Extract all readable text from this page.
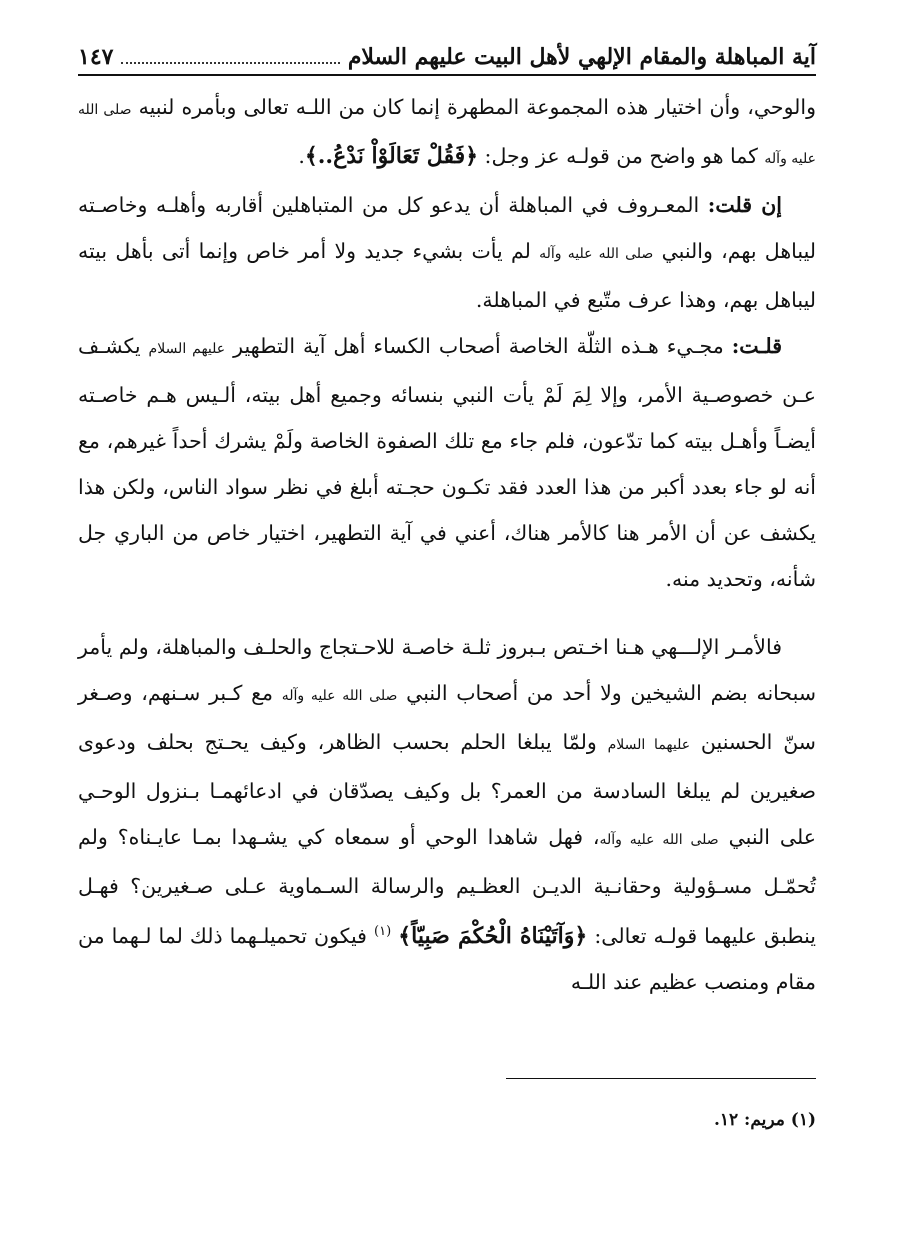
آية المباهلة والمقام الإلهي لأهل البيت عليهم السلام
١٤٧

والوحي، وأن اختيار هذه المجموعة المطهرة إنما كان من اللـه تعالى وبأمره لنبيه صلى الله عليه وآله كما هو واضح من قولـه عز وجل: ﴿فَقُلْ تَعَالَوْاْ نَدْعُ..﴾.

إن قلت: المعـروف في المباهلة أن يدعو كل من المتباهلين أقاربه وأهلـه وخاصـته ليباهل بهم، والنبي صلى الله عليه وآله لم يأت بشيء جديد ولا أمر خاص وإنما أتى بأهل بيته ليباهل بهم، وهذا عرف متّبع في المباهلة.

قلـت: مجـيء هـذه الثلّة الخاصة أصحاب الكساء أهل آية التطهير عليهم السلام يكشـف عـن خصوصـية الأمر، وإلا لِمَ لَمْ يأت النبي بنسائه وجميع أهل بيته، ألـيس هـم خاصـته أيضـاً وأهـل بيته كما تدّعون، فلم جاء مع تلك الصفوة الخاصة ولَمْ يشرك أحداً غيرهم، مع أنه لو جاء بعدد أكبر من هذا العدد فقد تكـون حجـته أبلغ في نظر سواد الناس، ولكن هذا يكشف عن أن الأمر هنا كالأمر هناك، أعني في آية التطهير، اختيار خاص من الباري جل شأنه، وتحديد منه.

فالأمـر الإلـــهي هـنا اخـتص بـبروز ثلـة خاصـة للاحـتجاج والحلـف والمباهلة، ولم يأمر سبحانه بضم الشيخين ولا أحد من أصحاب النبي صلى الله عليه وآله مع كـبر سـنهم، وصـغر سنّ الحسنين عليهما السلام ولمّا يبلغا الحلم بحسب الظاهر، وكيف يحـتج بحلف ودعوى صغيرين لم يبلغا السادسة من العمر؟ بل وكيف يصدّقان في ادعائهمـا بـنزول الوحـي على النبي صلى الله عليه وآله، فهل شاهدا الوحي أو سمعاه كي يشـهدا بمـا عايـناه؟ ولم تُحمّـل مسـؤولية وحقانـية الديـن العظـيم والرسالة السـماوية عـلى صـغيرين؟ فهـل ينطبق عليهما قولـه تعالى: ﴿وَآتَيْنَاهُ الْحُكْمَ صَبِيّاً﴾ $^{(١)}$ فيكون تحميلـهما ذلك لما لـهما من مقام ومنصب عظيم عند اللـه

(١) مريم: ١٢.
